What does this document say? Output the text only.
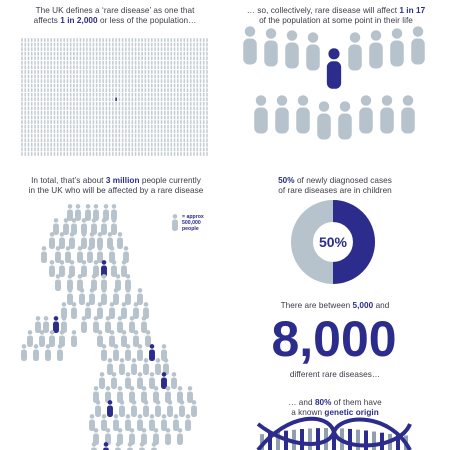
The UK defines a ‘rare disease’ as one that
affects 1 in 2,000 or less of the population…
… so, collectively, rare disease will affect 1 in 17
of the population at some point in their life
In total, that’s about 3 million people currently
in the UK who will be affected by a rare disease
= approx
500,000
people
50% of newly diagnosed cases
of rare diseases are in children
50%
There are between 5,000 and
8,000
different rare diseases…
… and 80% of them have
a known genetic origin
